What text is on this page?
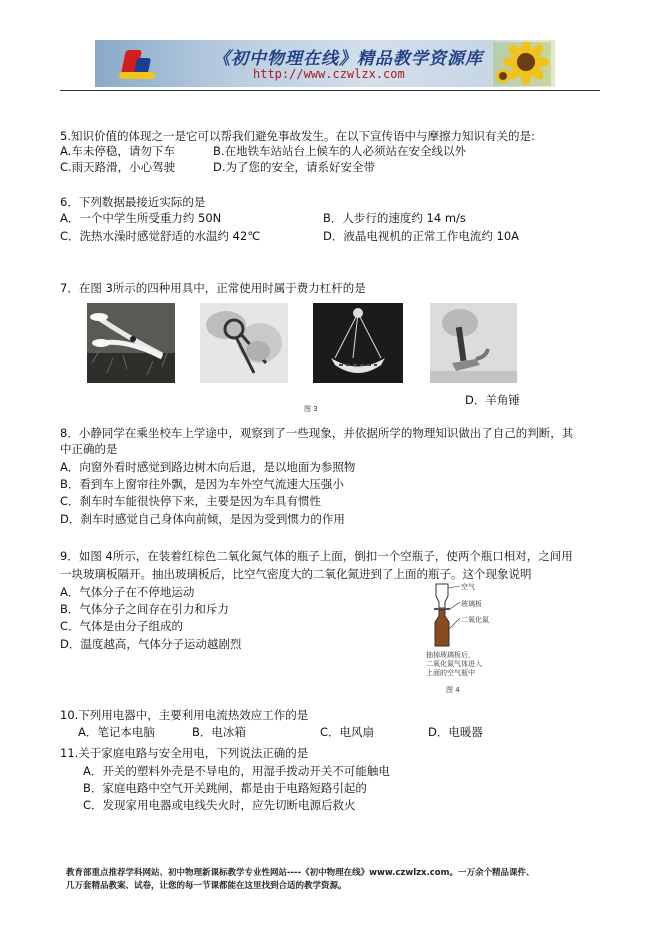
《初中物理在线》精品教学资源库
http://www.czwlzx.com
5.知识价值的体现之一是它可以帮我们避免事故发生。在以下宣传语中与摩擦力知识有关的是:
A.车未停稳，请勿下车	B.在地铁车站站台上候车的人必须站在安全线以外
C.雨天路滑，小心驾驶	D.为了您的安全，请系好安全带
6．下列数据最接近实际的是
A．一个中学生所受重力约 50N	B．人步行的速度约 14 m/s
C．洗热水澡时感觉舒适的水温约 42℃	D．液晶电视机的正常工作电流约 10A
7．在图 3所示的四种用具中，正常使用时属于费力杠杆的是
D．羊角锤
图 3
8．小静同学在乘坐校车上学途中，观察到了一些现象，并依据所学的物理知识做出了自己的判断，其
中正确的是
A．向窗外看时感觉到路边树木向后退，是以地面为参照物
B．看到车上窗帘往外飘，是因为车外空气流速大压强小
C．刹车时车能很快停下来，主要是因为车具有惯性
D．刹车时感觉自己身体向前倾，是因为受到惯力的作用
9．如图 4所示，在装着红棕色二氧化氮气体的瓶子上面，倒扣一个空瓶子，使两个瓶口相对，之间用
一块玻璃板隔开。抽出玻璃板后，比空气密度大的二氧化氮进到了上面的瓶子。这个现象说明
A．气体分子在不停地运动
B．气体分子之间存在引力和斥力
C．气体是由分子组成的
D．温度越高，气体分子运动越剧烈
空气
玻璃板
二氧化氮
抽掉玻璃板后，
二氧化氮气体进入
上面的空气瓶中
图 4
10.下列用电器中，主要利用电流热效应工作的是
A．笔记本电脑	B．电冰箱	C．电风扇	D．电暖器
11.关于家庭电路与安全用电，下列说法正确的是
A．开关的塑料外壳是不导电的，用湿手拨动开关不可能触电
B．家庭电路中空气开关跳闸，都是由于电路短路引起的
C．发现家用电器或电线失火时，应先切断电源后救火
教育部重点推荐学科网站、初中物理新课标教学专业性网站----《初中物理在线》www.czwlzx.com。一万余个精品课件、
几万套精品教案、试卷，让您的每一节课都能在这里找到合适的教学资源。
